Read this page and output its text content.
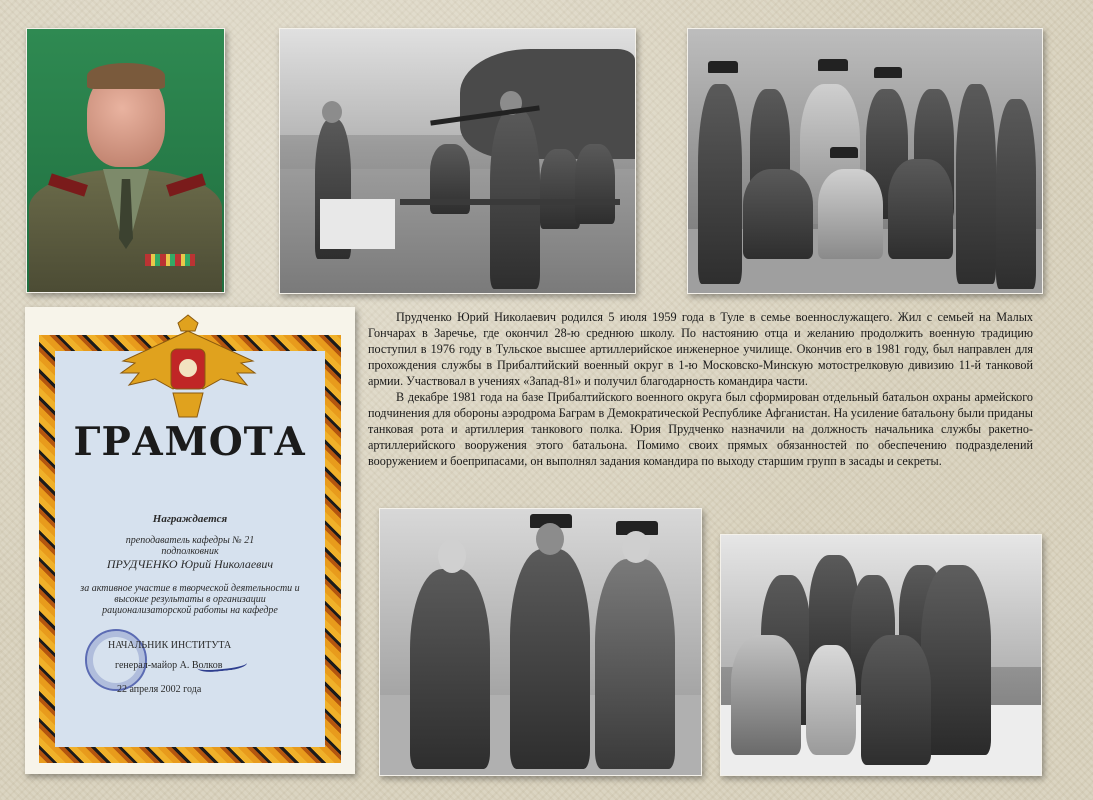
ГРАМОТА
Награждается
преподаватель кафедры № 21
подполковник
ПРУДЧЕНКО Юрий Николаевич
за активное участие в творческой деятельности и
высокие результаты в организации
рационализаторской работы на кафедре
НАЧАЛЬНИК ИНСТИТУТА
генерал-майор А. Волков
22 апреля 2002 года

Прудченко Юрий Николаевич родился 5 июля 1959 года в Туле в семье военнослужащего. Жил с семьей на Малых Гончарах в Заречье, где окончил 28-ю среднюю школу. По настоянию отца и желанию продолжить военную традицию поступил в 1976 году в Тульское высшее артиллерийское инженерное училище. Окончив его в 1981 году, был направлен для прохождения службы в Прибалтийский военный округ в 1-ю Московско-Минскую мотострелковую дивизию 11-й танковой армии. Участвовал в учениях «Запад-81» и получил благодарность командира части.

В декабре 1981 года на базе Прибалтийского военного округа был сформирован отдельный батальон охраны армейского подчинения для обороны аэродрома Баграм в Демократической Республике Афганистан. На усиление батальону были приданы танковая рота и артиллерия танкового полка. Юрия Прудченко назначили на должность начальника службы ракетно-артиллерийского вооружения этого батальона. Помимо своих прямых обязанностей по обеспечению подразделений вооружением и боеприпасами, он выполнял задания командира по выходу старшим групп в засады и секреты.
